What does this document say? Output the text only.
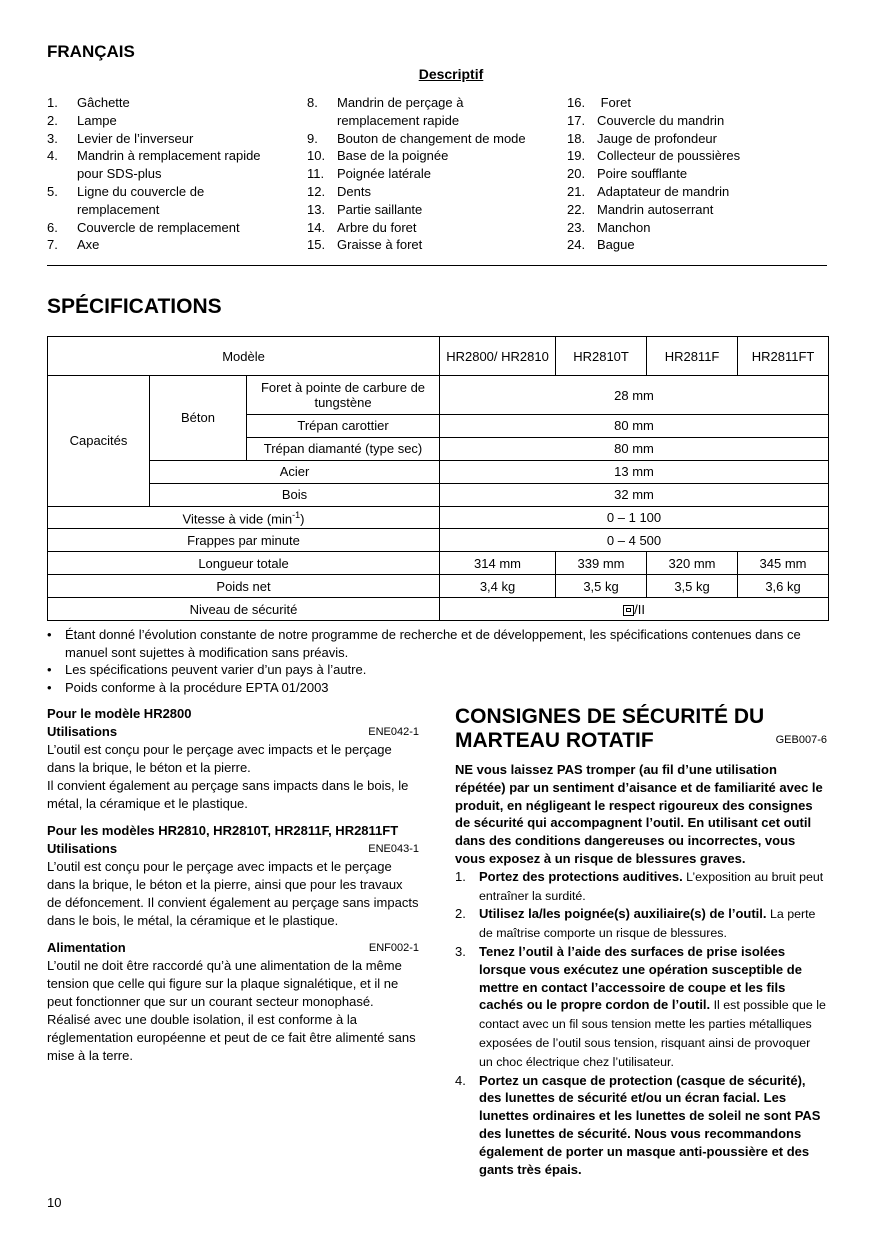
FRANÇAIS
Descriptif
1.	Gâchette
2.	Lampe
3.	Levier de l’inverseur
4.	Mandrin à remplacement rapide
pour SDS-plus
5.	Ligne du couvercle de
remplacement
6.	Couvercle de remplacement
7.	Axe
8.	Mandrin de perçage à
remplacement rapide
9.	Bouton de changement de mode
10. Base de la poignée
11. Poignée latérale
12. Dents
13. Partie saillante
14. Arbre du foret
15. Graisse à foret
16. Foret
17. Couvercle du mandrin
18. Jauge de profondeur
19. Collecteur de poussières
20. Poire soufflante
21. Adaptateur de mandrin
22. Mandrin autoserrant
23. Manchon
24. Bague
SPÉCIFICATIONS
Modèle			HR2800/ HR2810	HR2810T	HR2811F	HR2811FT
Capacités	Béton	Foret à pointe de carbure de tungstène	28 mm			
		Trépan carottier	80 mm			
		Trépan diamanté (type sec)	80 mm			
	Acier		13 mm			
	Bois		32 mm			
Vitesse à vide $(\min^{-1})$			0 – 1 100			
Frappes par minute			0 – 4 500			
Longueur totale			314 mm	339 mm	320 mm	345 mm
Poids net			3,4 kg	3,5 kg	3,5 kg	3,6 kg
Niveau de sécurité			/II			
•	Étant donné l’évolution constante de notre programme de recherche et de développement, les spécifications contenues dans ce manuel sont sujettes à modification sans préavis.
•	Les spécifications peuvent varier d’un pays à l’autre.
•	Poids conforme à la procédure EPTA 01/2003
Pour le modèle HR2800
Utilisations	ENE042-1

L’outil est conçu pour le perçage avec impacts et le perçage dans la brique, le béton et la pierre.

Il convient également au perçage sans impacts dans le bois, le métal, la céramique et le plastique.

Pour les modèles HR2810, HR2810T, HR2811F, HR2811FT
Utilisations	ENE043-1

L’outil est conçu pour le perçage avec impacts et le perçage dans la brique, le béton et la pierre, ainsi que pour les travaux de défoncement. Il convient également au perçage sans impacts dans le bois, le métal, la céramique et le plastique.

Alimentation	ENF002-1

L’outil ne doit être raccordé qu’à une alimentation de la même tension que celle qui figure sur la plaque signalétique, et il ne peut fonctionner que sur un courant secteur monophasé. Réalisé avec une double isolation, il est conforme à la réglementation européenne et peut de ce fait être alimenté sans mise à la terre.

CONSIGNES DE SÉCURITÉ DU
MARTEAU ROTATIF	GEB007-6
NE vous laissez PAS tromper (au fil d’une utilisation répétée) par un sentiment d’aisance et de familiarité avec le produit, en négligeant le respect rigoureux des consignes de sécurité qui accompagnent l’outil. En utilisant cet outil dans des conditions dangereuses ou incorrectes, vous vous exposez à un risque de blessures graves.
1.	Portez des protections auditives. L’exposition au bruit peut entraîner la surdité.
2.	Utilisez la/les poignée(s) auxiliaire(s) de l’outil. La perte de maîtrise comporte un risque de blessures.
3.	Tenez l’outil à l’aide des surfaces de prise isolées lorsque vous exécutez une opération susceptible de mettre en contact l’accessoire de coupe et les fils cachés ou le propre cordon de l’outil. Il est possible que le contact avec un fil sous tension mette les parties métalliques exposées de l’outil sous tension, risquant ainsi de provoquer un choc électrique chez l’utilisateur.
4.	Portez un casque de protection (casque de sécurité), des lunettes de sécurité et/ou un écran facial. Les lunettes ordinaires et les lunettes de soleil ne sont PAS des lunettes de sécurité. Nous vous recommandons également de porter un masque anti-poussière et des gants très épais.
10
